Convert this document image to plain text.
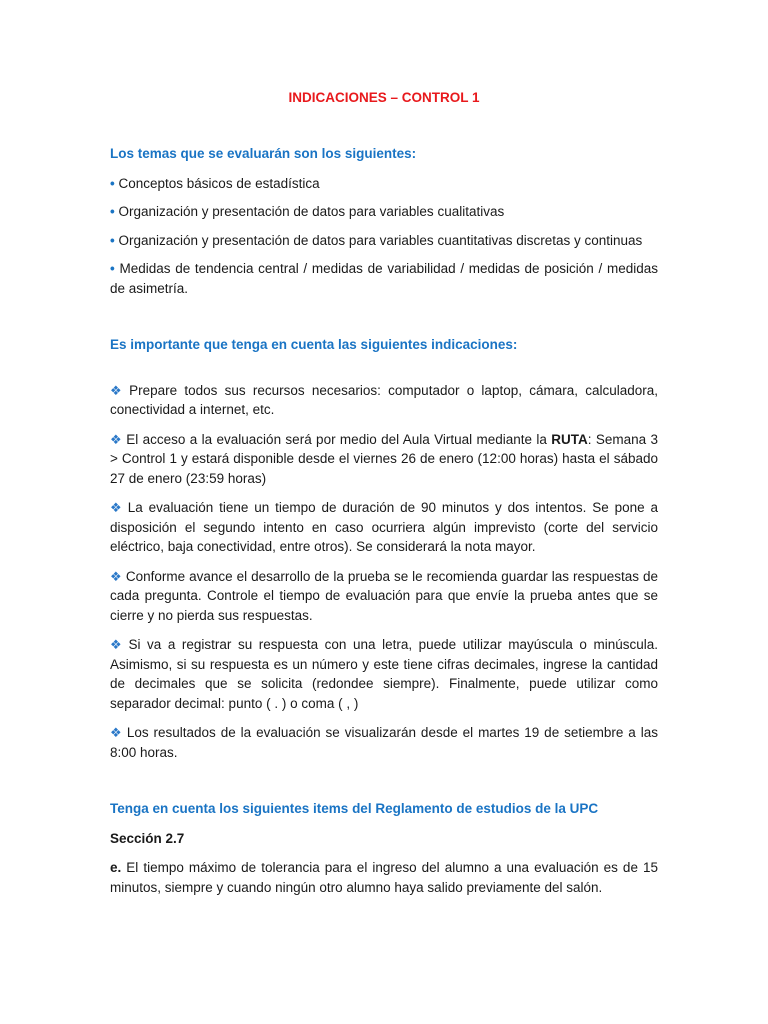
INDICACIONES – CONTROL 1

Los temas que se evaluarán son los siguientes:

• Conceptos básicos de estadística

• Organización y presentación de datos para variables cualitativas

• Organización y presentación de datos para variables cuantitativas discretas y continuas

• Medidas de tendencia central / medidas de variabilidad / medidas de posición / medidas de asimetría.

Es importante que tenga en cuenta las siguientes indicaciones:

❖ Prepare todos sus recursos necesarios: computador o laptop, cámara, calculadora, conectividad a internet, etc.

❖ El acceso a la evaluación será por medio del Aula Virtual mediante la RUTA: Semana 3 > Control 1 y estará disponible desde el viernes 26 de enero (12:00 horas) hasta el sábado 27 de enero (23:59 horas)

❖ La evaluación tiene un tiempo de duración de 90 minutos y dos intentos. Se pone a disposición el segundo intento en caso ocurriera algún imprevisto (corte del servicio eléctrico, baja conectividad, entre otros). Se considerará la nota mayor.

❖ Conforme avance el desarrollo de la prueba se le recomienda guardar las respuestas de cada pregunta. Controle el tiempo de evaluación para que envíe la prueba antes que se cierre y no pierda sus respuestas.

❖ Si va a registrar su respuesta con una letra, puede utilizar mayúscula o minúscula. Asimismo, si su respuesta es un número y este tiene cifras decimales, ingrese la cantidad de decimales que se solicita (redondee siempre). Finalmente, puede utilizar como separador decimal: punto ( . ) o coma ( , )

❖ Los resultados de la evaluación se visualizarán desde el martes 19 de setiembre a las 8:00 horas.

Tenga en cuenta los siguientes items del Reglamento de estudios de la UPC

Sección 2.7

e. El tiempo máximo de tolerancia para el ingreso del alumno a una evaluación es de 15 minutos, siempre y cuando ningún otro alumno haya salido previamente del salón.
